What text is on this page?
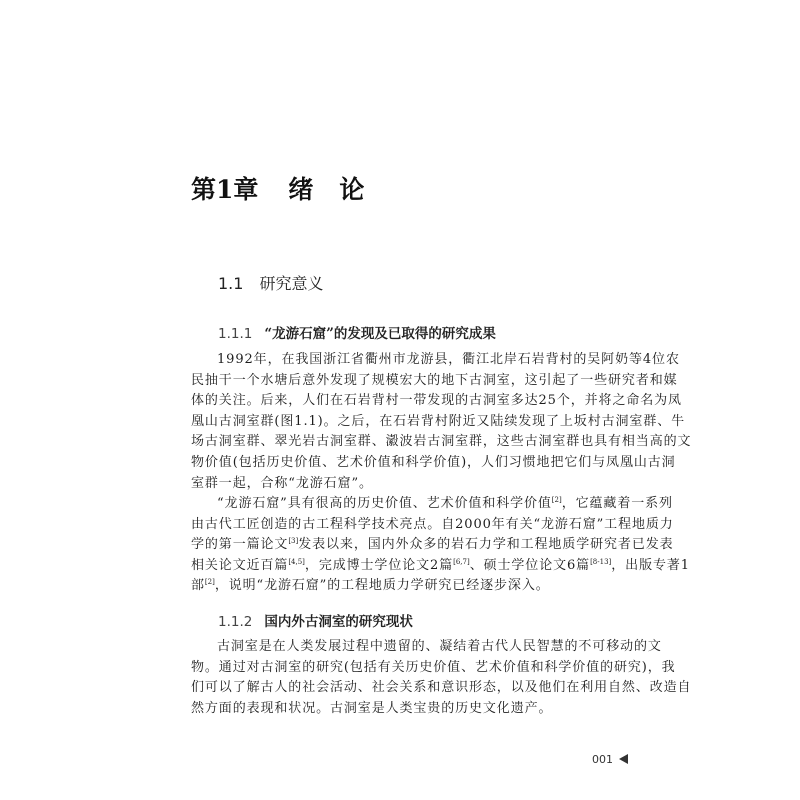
第1章 绪 论
1.1 研究意义
1.1.1 “龙游石窟”的发现及已取得的研究成果
1992年，在我国浙江省衢州市龙游县，衢江北岸石岩背村的吴阿奶等4位农
民抽干一个水塘后意外发现了规模宏大的地下古洞室，这引起了一些研究者和媒
体的关注。后来，人们在石岩背村一带发现的古洞室多达25个，并将之命名为凤
凰山古洞室群(图1.1)。之后，在石岩背村附近又陆续发现了上坂村古洞室群、牛
场古洞室群、翠光岩古洞室群、瀫波岩古洞室群，这些古洞室群也具有相当高的文
物价值(包括历史价值、艺术价值和科学价值)，人们习惯地把它们与凤凰山古洞
室群一起，合称“龙游石窟”。
“龙游石窟”具有很高的历史价值、艺术价值和科学价值[2]，它蕴藏着一系列
由古代工匠创造的古工程科学技术亮点。自2000年有关“龙游石窟”工程地质力
学的第一篇论文[3]发表以来，国内外众多的岩石力学和工程地质学研究者已发表
相关论文近百篇[4,5]，完成博士学位论文2篇[6,7]、硕士学位论文6篇[8-13]，出版专著1
部[2]，说明“龙游石窟”的工程地质力学研究已经逐步深入。
1.1.2 国内外古洞室的研究现状
古洞室是在人类发展过程中遗留的、凝结着古代人民智慧的不可移动的文
物。通过对古洞室的研究(包括有关历史价值、艺术价值和科学价值的研究)，我
们可以了解古人的社会活动、社会关系和意识形态，以及他们在利用自然、改造自
然方面的表现和状况。古洞室是人类宝贵的历史文化遗产。
001
